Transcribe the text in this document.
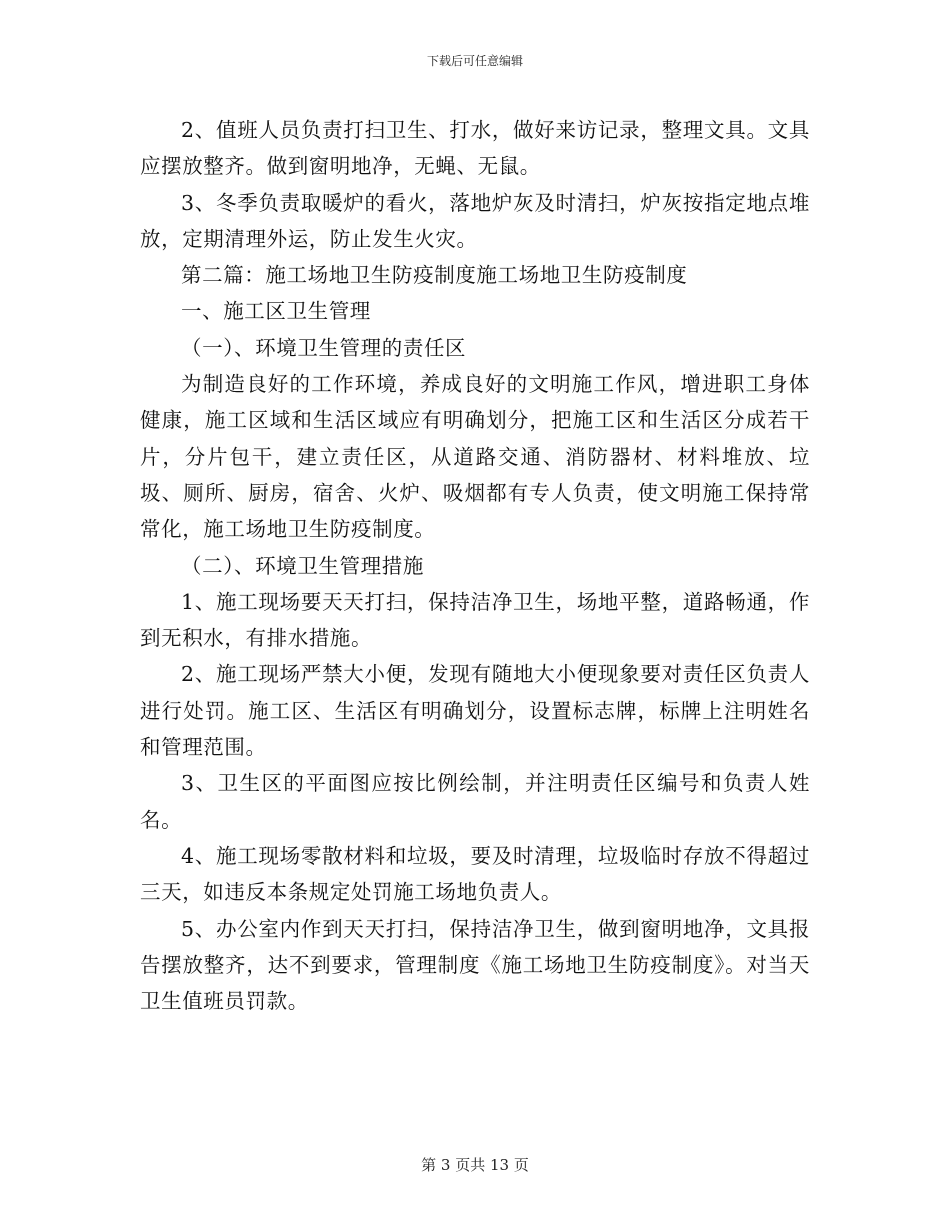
下载后可任意编辑

2、值班人员负责打扫卫生、打水，做好来访记录，整理文具。文具应摆放整齐。做到窗明地净，无蝇、无鼠。

3、冬季负责取暖炉的看火，落地炉灰及时清扫，炉灰按指定地点堆放，定期清理外运，防止发生火灾。

第二篇：施工场地卫生防疫制度施工场地卫生防疫制度

一、施工区卫生管理

（一）、环境卫生管理的责任区

为制造良好的工作环境，养成良好的文明施工作风，增进职工身体健康，施工区域和生活区域应有明确划分，把施工区和生活区分成若干片，分片包干，建立责任区，从道路交通、消防器材、材料堆放、垃圾、厕所、厨房，宿舍、火炉、吸烟都有专人负责，使文明施工保持常常化，施工场地卫生防疫制度。

（二）、环境卫生管理措施

1、施工现场要天天打扫，保持洁净卫生，场地平整，道路畅通，作到无积水，有排水措施。

2、施工现场严禁大小便，发现有随地大小便现象要对责任区负责人进行处罚。施工区、生活区有明确划分，设置标志牌，标牌上注明姓名和管理范围。

3、卫生区的平面图应按比例绘制，并注明责任区编号和负责人姓名。

4、施工现场零散材料和垃圾，要及时清理，垃圾临时存放不得超过三天，如违反本条规定处罚施工场地负责人。

5、办公室内作到天天打扫，保持洁净卫生，做到窗明地净，文具报告摆放整齐，达不到要求，管理制度《施工场地卫生防疫制度》。对当天卫生值班员罚款。

第 3 页共 13 页
